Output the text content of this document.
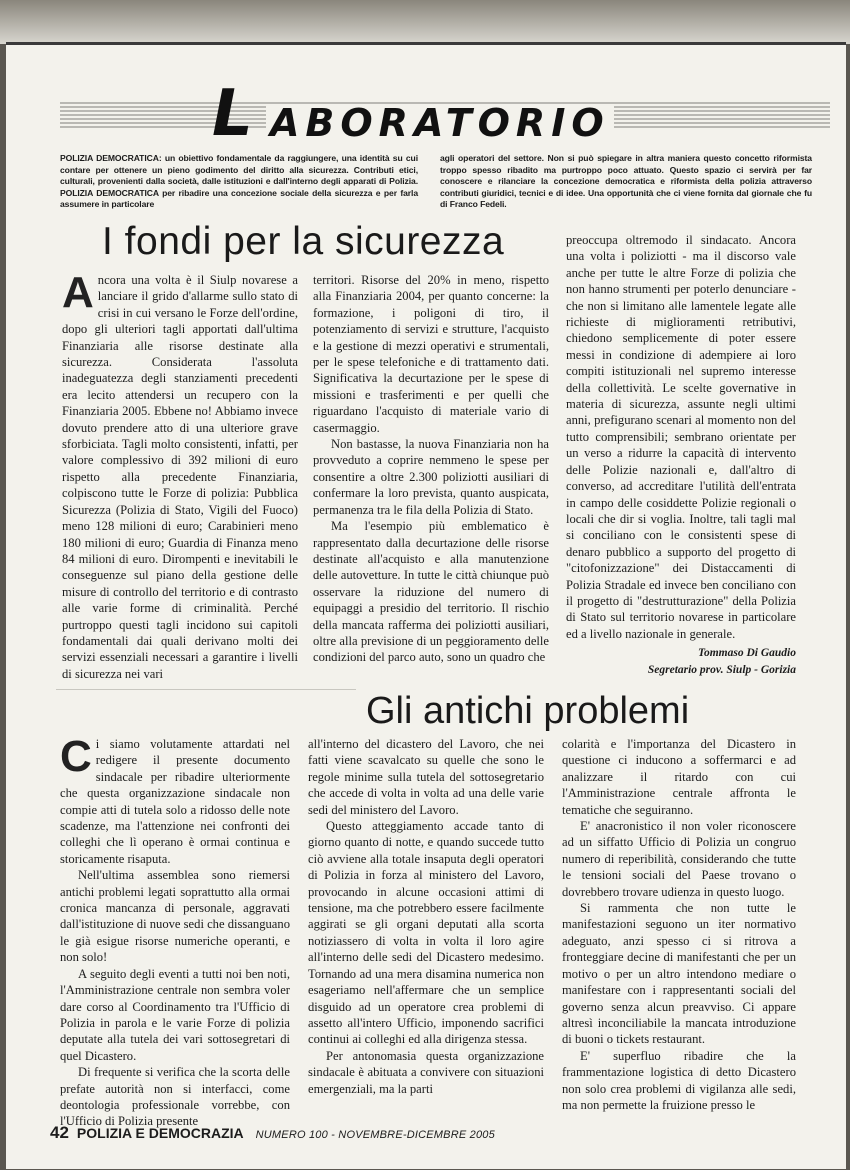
L ABORATORIO
POLIZIA DEMOCRATICA: un obiettivo fondamentale da raggiungere, una identità su cui contare per ottenere un pieno godimento del diritto alla sicurezza. Contributi etici, culturali, provenienti dalla società, dalle istituzioni e dall'interno degli apparati di Polizia. POLIZIA DEMOCRATICA per ribadire una concezione sociale della sicurezza e per farla assumere in particolare
agli operatori del settore. Non si può spiegare in altra maniera questo concetto riformista troppo spesso ribadito ma purtroppo poco attuato. Questo spazio ci servirà per far conoscere e rilanciare la concezione democratica e riformista della polizia attraverso contributi giuridici, tecnici e di idee. Una opportunità che ci viene fornita dal giornale che fu di Franco Fedeli.
I fondi per la sicurezza

Ancora una volta è il Siulp novarese a lanciare il grido d'allarme sullo stato di crisi in cui versano le Forze dell'ordine, dopo gli ulteriori tagli apportati dall'ultima Finanziaria alle risorse destinate alla sicurezza. Considerata l'assoluta inadeguatezza degli stanziamenti precedenti era lecito attendersi un recupero con la Finanziaria 2005. Ebbene no! Abbiamo invece dovuto prendere atto di una ulteriore grave sforbiciata. Tagli molto consistenti, infatti, per valore complessivo di 392 milioni di euro rispetto alla precedente Finanziaria, colpiscono tutte le Forze di polizia: Pubblica Sicurezza (Polizia di Stato, Vigili del Fuoco) meno 128 milioni di euro; Carabinieri meno 180 milioni di euro; Guardia di Finanza meno 84 milioni di euro. Dirompenti e inevitabili le conseguenze sul piano della gestione delle misure di controllo del territorio e di contrasto alle varie forme di criminalità. Perché purtroppo questi tagli incidono sui capitoli fondamentali dai quali derivano molti dei servizi essenziali necessari a garantire i livelli di sicurezza nei vari

territori. Risorse del 20% in meno, rispetto alla Finanziaria 2004, per quanto concerne: la formazione, i poligoni di tiro, il potenziamento di servizi e strutture, l'acquisto e la gestione di mezzi operativi e strumentali, per le spese telefoniche e di trattamento dati. Significativa la decurtazione per le spese di missioni e trasferimenti e per quelli che riguardano l'acquisto di materiale vario di casermaggio.

Non bastasse, la nuova Finanziaria non ha provveduto a coprire nemmeno le spese per consentire a oltre 2.300 poliziotti ausiliari di confermare la loro prevista, quanto auspicata, permanenza tra le fila della Polizia di Stato.

Ma l'esempio più emblematico è rappresentato dalla decurtazione delle risorse destinate all'acquisto e alla manutenzione delle autovetture. In tutte le città chiunque può osservare la riduzione del numero di equipaggi a presidio del territorio. Il rischio della mancata rafferma dei poliziotti ausiliari, oltre alla previsione di un peggioramento delle condizioni del parco auto, sono un quadro che

preoccupa oltremodo il sindacato. Ancora una volta i poliziotti - ma il discorso vale anche per tutte le altre Forze di polizia che non hanno strumenti per poterlo denunciare - che non si limitano alle lamentele legate alle richieste di miglioramenti retributivi, chiedono semplicemente di poter essere messi in condizione di adempiere ai loro compiti istituzionali nel supremo interesse della collettività. Le scelte governative in materia di sicurezza, assunte negli ultimi anni, prefigurano scenari al momento non del tutto comprensibili; sembrano orientate per un verso a ridurre la capacità di intervento delle Polizie nazionali e, dall'altro di converso, ad accreditare l'utilità dell'entrata in campo delle cosiddette Polizie regionali o locali che dir si voglia. Inoltre, tali tagli mal si conciliano con le consistenti spese di denaro pubblico a supporto del progetto di "citofonizzazione" dei Distaccamenti di Polizia Stradale ed invece ben conciliano con il progetto di "destrutturazione" della Polizia di Stato sul territorio novarese in particolare ed a livello nazionale in generale.

Tommaso Di Gaudio
Segretario prov. Siulp - Gorizia
Gli antichi problemi

Ci siamo volutamente attardati nel redigere il presente documento sindacale per ribadire ulteriormente che questa organizzazione sindacale non compie atti di tutela solo a ridosso delle note scadenze, ma l'attenzione nei confronti dei colleghi che lì operano è ormai continua e storicamente risaputa.

Nell'ultima assemblea sono riemersi antichi problemi legati soprattutto alla ormai cronica mancanza di personale, aggravati dall'istituzione di nuove sedi che dissanguano le già esigue risorse numeriche operanti, e non solo!

A seguito degli eventi a tutti noi ben noti, l'Amministrazione centrale non sembra voler dare corso al Coordinamento tra l'Ufficio di Polizia in parola e le varie Forze di polizia deputate alla tutela dei vari sottosegretari di quel Dicastero.

Di frequente si verifica che la scorta delle prefate autorità non si interfacci, come deontologia professionale vorrebbe, con l'Ufficio di Polizia presente

all'interno del dicastero del Lavoro, che nei fatti viene scavalcato su quelle che sono le regole minime sulla tutela del sottosegretario che accede di volta in volta ad una delle varie sedi del ministero del Lavoro.

Questo atteggiamento accade tanto di giorno quanto di notte, e quando succede tutto ciò avviene alla totale insaputa degli operatori di Polizia in forza al ministero del Lavoro, provocando in alcune occasioni attimi di tensione, ma che potrebbero essere facilmente aggirati se gli organi deputati alla scorta notiziassero di volta in volta il loro agire all'interno delle sedi del Dicastero medesimo. Tornando ad una mera disamina numerica non esageriamo nell'affermare che un semplice disguido ad un operatore crea problemi di assetto all'intero Ufficio, imponendo sacrifici continui ai colleghi ed alla dirigenza stessa.

Per antonomasia questa organizzazione sindacale è abituata a convivere con situazioni emergenziali, ma la parti

colarità e l'importanza del Dicastero in questione ci inducono a soffermarci e ad analizzare il ritardo con cui l'Amministrazione centrale affronta le tematiche che seguiranno.

E' anacronistico il non voler riconoscere ad un siffatto Ufficio di Polizia un congruo numero di reperibilità, considerando che tutte le tensioni sociali del Paese trovano o dovrebbero trovare udienza in questo luogo.

Si rammenta che non tutte le manifestazioni seguono un iter normativo adeguato, anzi spesso ci si ritrova a fronteggiare decine di manifestanti che per un motivo o per un altro intendono mediare o manifestare con i rappresentanti sociali del governo senza alcun preavviso. Ci appare altresì inconciliabile la mancata introduzione di buoni o tickets restaurant.

E' superfluo ribadire che la frammentazione logistica di detto Dicastero non solo crea problemi di vigilanza alle sedi, ma non permette la fruizione presso le

42 POLIZIA E DEMOCRAZIA NUMERO 100 - NOVEMBRE-DICEMBRE 2005
